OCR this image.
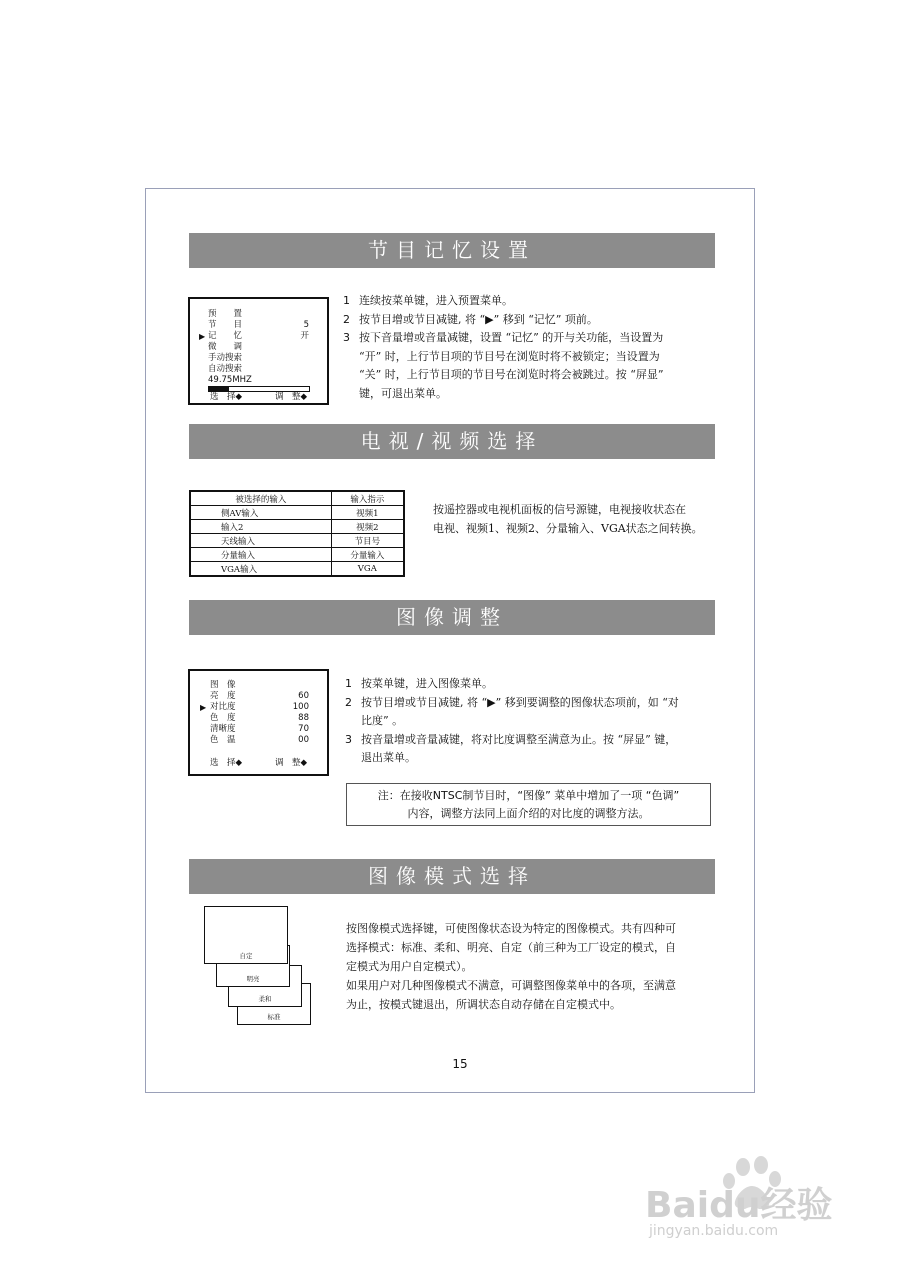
节目记忆设置
预　　置
节　　目	5
▶ 记　　忆	开
微　　调
手动搜索
自动搜索
49.75MHZ
选　择◆	调　整◆
1 连续按菜单键，进入预置菜单。
2 按节目增或节目减键, 将 “▶” 移到 “记忆” 项前。
3 按下音量增或音量减键，设置 “记忆” 的开与关功能，当设置为
“开” 时，上行节目项的节目号在浏览时将不被锁定；当设置为
“关” 时，上行节目项的节目号在浏览时将会被跳过。按 “屏显”
键，可退出菜单。
电视/视频选择
被选择的输入	输入指示
侧AV输入	视频1
输入2	视频2
天线输入	节目号
分量输入	分量输入
VGA输入	VGA
按遥控器或电视机面板的信号源键，电视接收状态在
电视、视频1、视频2、分量输入、VGA状态之间转换。
图像调整
图　像
亮　度	60
▶ 对比度	100
色　度	88
清晰度	70
色　温	00
选　择◆	调　整◆
1 按菜单键，进入图像菜单。
2 按节目增或节目减键, 将 “▶” 移到要调整的图像状态项前，如 “对
比度” 。
3 按音量增或音量减键，将对比度调整至满意为止。按 “屏显” 键，
退出菜单。
注：在接收NTSC制节目时，“图像” 菜单中增加了一项 “色调”
内容，调整方法同上面介绍的对比度的调整方法。
图像模式选择
标准
柔和
明亮
自定
按图像模式选择键，可使图像状态设为特定的图像模式。共有四种可
选择模式：标准、柔和、明亮、自定（前三种为工厂设定的模式，自
定模式为用户自定模式）。
如果用户对几种图像模式不满意，可调整图像菜单中的各项，至满意
为止，按模式键退出，所调状态自动存储在自定模式中。
15
Baidu经验
jingyan.baidu.com
